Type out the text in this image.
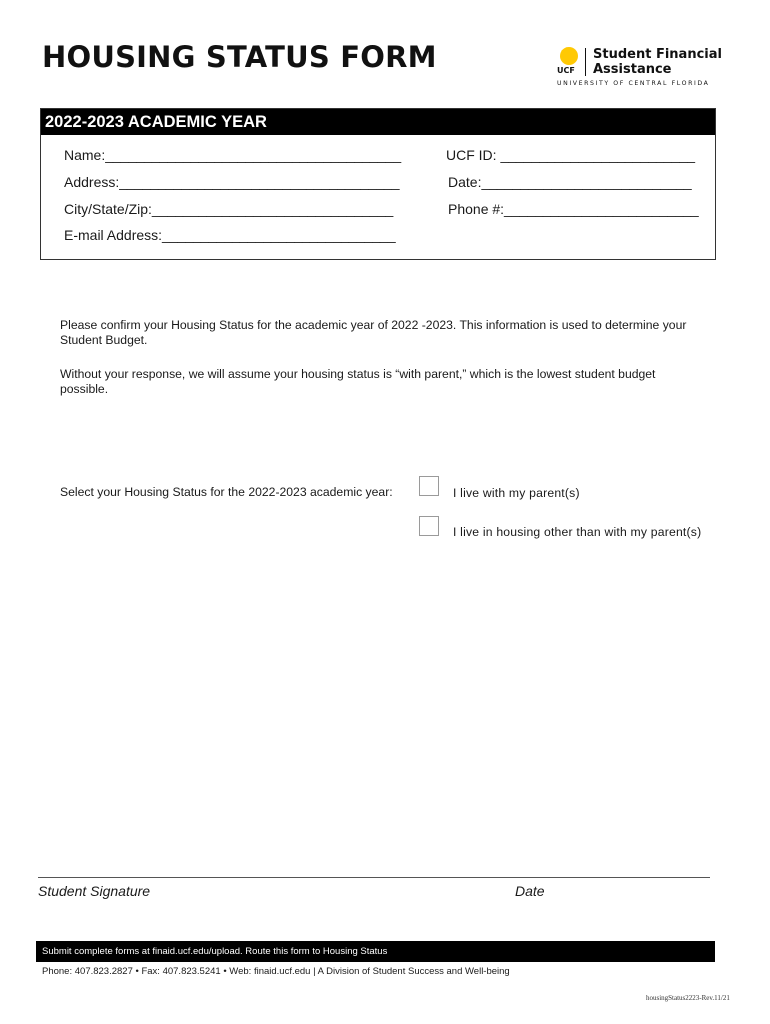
HOUSING STATUS FORM	UCF
Student Financial
Assistance
UNIVERSITY OF CENTRAL FLORIDA
2022-2023 ACADEMIC YEAR
Name:______________________________________	UCF ID: _________________________
Address:____________________________________	Date:___________________________
City/State/Zip:_______________________________	Phone #:_________________________
E-mail Address:______________________________
Please confirm your Housing Status for the academic year of 2022 -2023. This information is used to determine your Student Budget.
Without your response, we will assume your housing status is “with parent,” which is the lowest student budget possible.
Select your Housing Status for the 2022-2023 academic year:	I live with my parent(s)
I live in housing other than with my parent(s)
Student Signature	Date
Submit complete forms at finaid.ucf.edu/upload. Route this form to Housing Status
Phone: 407.823.2827 • Fax: 407.823.5241 • Web: finaid.ucf.edu | A Division of Student Success and Well-being
housingStatus2223-Rev.11/21
